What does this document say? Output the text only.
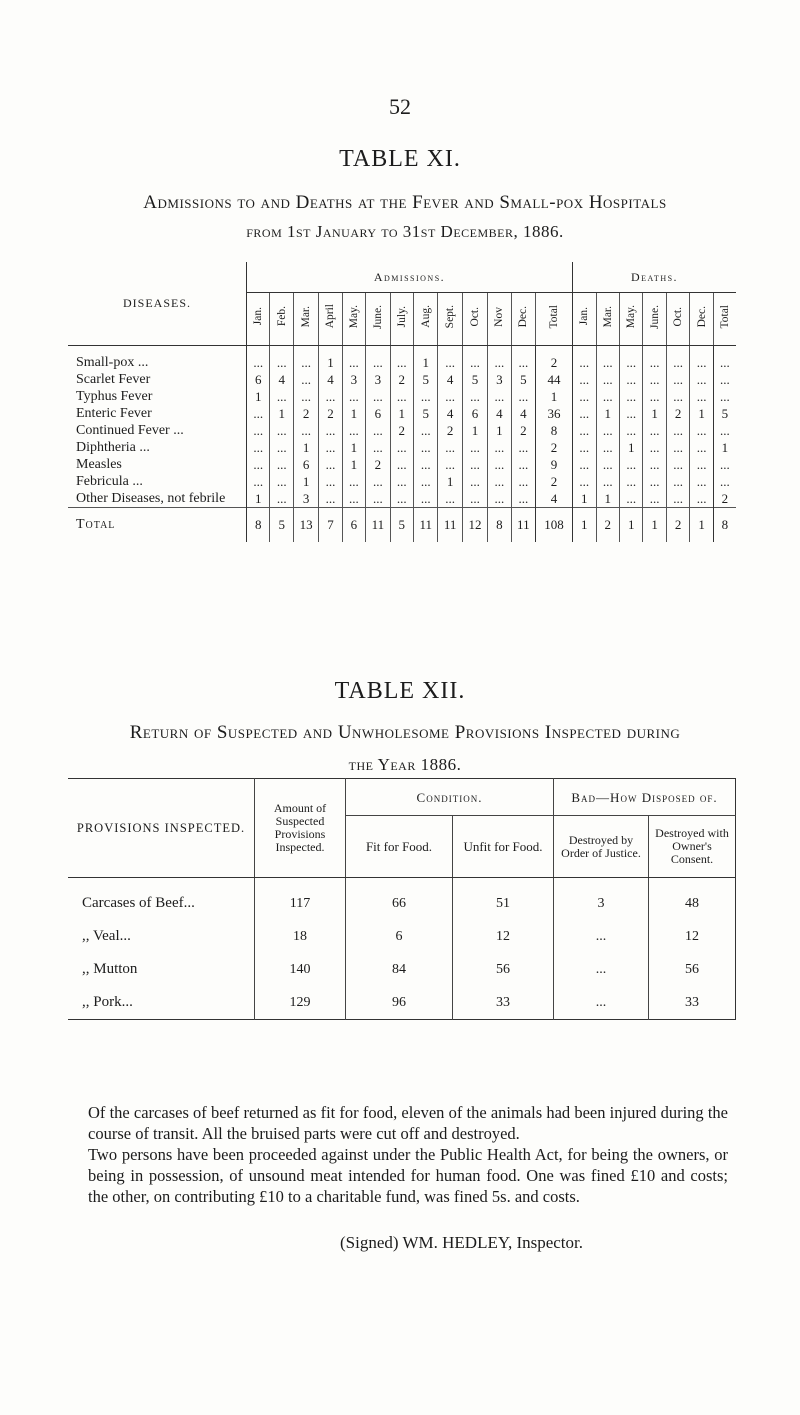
52
TABLE XI.
Admissions to and Deaths at the Fever and Small-pox Hospitals
from 1st January to 31st December, 1886.
DISEASES.	Admissions.													Deaths.						
	Jan.	Feb.	Mar.	April	May.	June.	July.	Aug.	Sept.	Oct.	Nov	Dec.	Total	Jan.	Mar.	May.	June.	Oct.	Dec.	Total
Small-pox ...	...	...	...	1	...	...	...	1	...	...	...	...	2	...	...	...	...	...	...	...
Scarlet Fever	6	4	...	4	3	3	2	5	4	5	3	5	44	...	...	...	...	...	...	...
Typhus Fever	1	...	...	...	...	...	...	...	...	...	...	...	1	...	...	...	...	...	...	...
Enteric Fever	...	1	2	2	1	6	1	5	4	6	4	4	36	...	1	...	1	2	1	5
Continued Fever ...	...	...	...	...	...	...	2	...	2	1	1	2	8	...	...	...	...	...	...	...
Diphtheria ...	...	...	1	...	1	...	...	...	...	...	...	...	2	...	...	1	...	...	...	1
Measles	...	...	6	...	1	2	...	...	...	...	...	...	9	...	...	...	...	...	...	...
Febricula ...	...	...	1	...	...	...	...	...	1	...	...	...	2	...	...	...	...	...	...	...
Other Diseases, not febrile	1	...	3	...	...	...	...	...	...	...	...	...	4	1	1	...	...	...	...	2
Total	8	5	13	7	6	11	5	11	11	12	8	11	108	1	2	1	1	2	1	8
TABLE XII.
Return of Suspected and Unwholesome Provisions Inspected during
the Year 1886.
PROVISIONS INSPECTED.	Amount of Suspected Provisions Inspected.	Condition.		Bad—How Disposed of.	
		Fit for Food.	Unfit for Food.	Destroyed by Order of Justice.	Destroyed with Owner's Consent.
Carcases of Beef...	117	66	51	3	48
,, Veal...	18	6	12	...	12
,, Mutton	140	84	56	...	56
,, Pork...	129	96	33	...	33

Of the carcases of beef returned as fit for food, eleven of the animals had been injured during the course of transit. All the bruised parts were cut off and destroyed.

Two persons have been proceeded against under the Public Health Act, for being the owners, or being in possession, of unsound meat intended for human food. One was fined £10 and costs; the other, on contributing £10 to a charitable fund, was fined 5s. and costs.

(Signed) WM. HEDLEY, Inspector.
